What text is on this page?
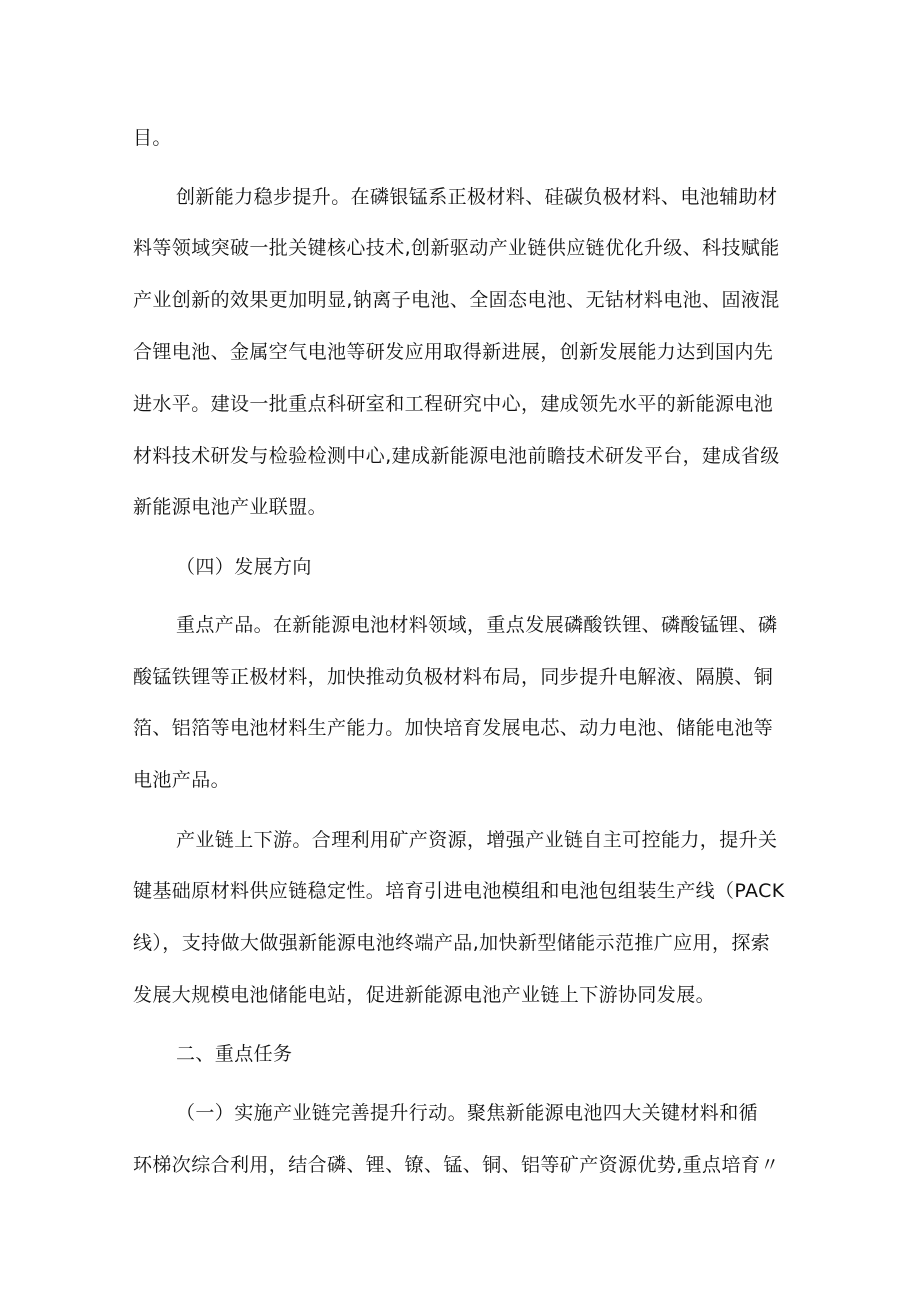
目。
创新能力稳步提升。在磷银锰系正极材料、硅碳负极材料、电池辅助材
料等领域突破一批关键核心技术,创新驱动产业链供应链优化升级、科技赋能
产业创新的效果更加明显,钠离子电池、全固态电池、无钴材料电池、固液混
合锂电池、金属空气电池等研发应用取得新进展，创新发展能力达到国内先
进水平。建设一批重点科研室和工程研究中心，建成领先水平的新能源电池
材料技术研发与检验检测中心,建成新能源电池前瞻技术研发平台，建成省级
新能源电池产业联盟。
（四）发展方向
重点产品。在新能源电池材料领域，重点发展磷酸铁锂、磷酸锰锂、磷
酸锰铁锂等正极材料，加快推动负极材料布局，同步提升电解液、隔膜、铜
箔、铝箔等电池材料生产能力。加快培育发展电芯、动力电池、储能电池等
电池产品。
产业链上下游。合理利用矿产资源，增强产业链自主可控能力，提升关
键基础原材料供应链稳定性。培育引进电池模组和电池包组装生产线（PACK
线），支持做大做强新能源电池终端产品,加快新型储能示范推广应用，探索
发展大规模电池储能电站，促进新能源电池产业链上下游协同发展。
二、重点任务
（一）实施产业链完善提升行动。聚焦新能源电池四大关键材料和循
环梯次综合利用，结合磷、锂、镣、锰、铜、铝等矿产资源优势,重点培育〃
